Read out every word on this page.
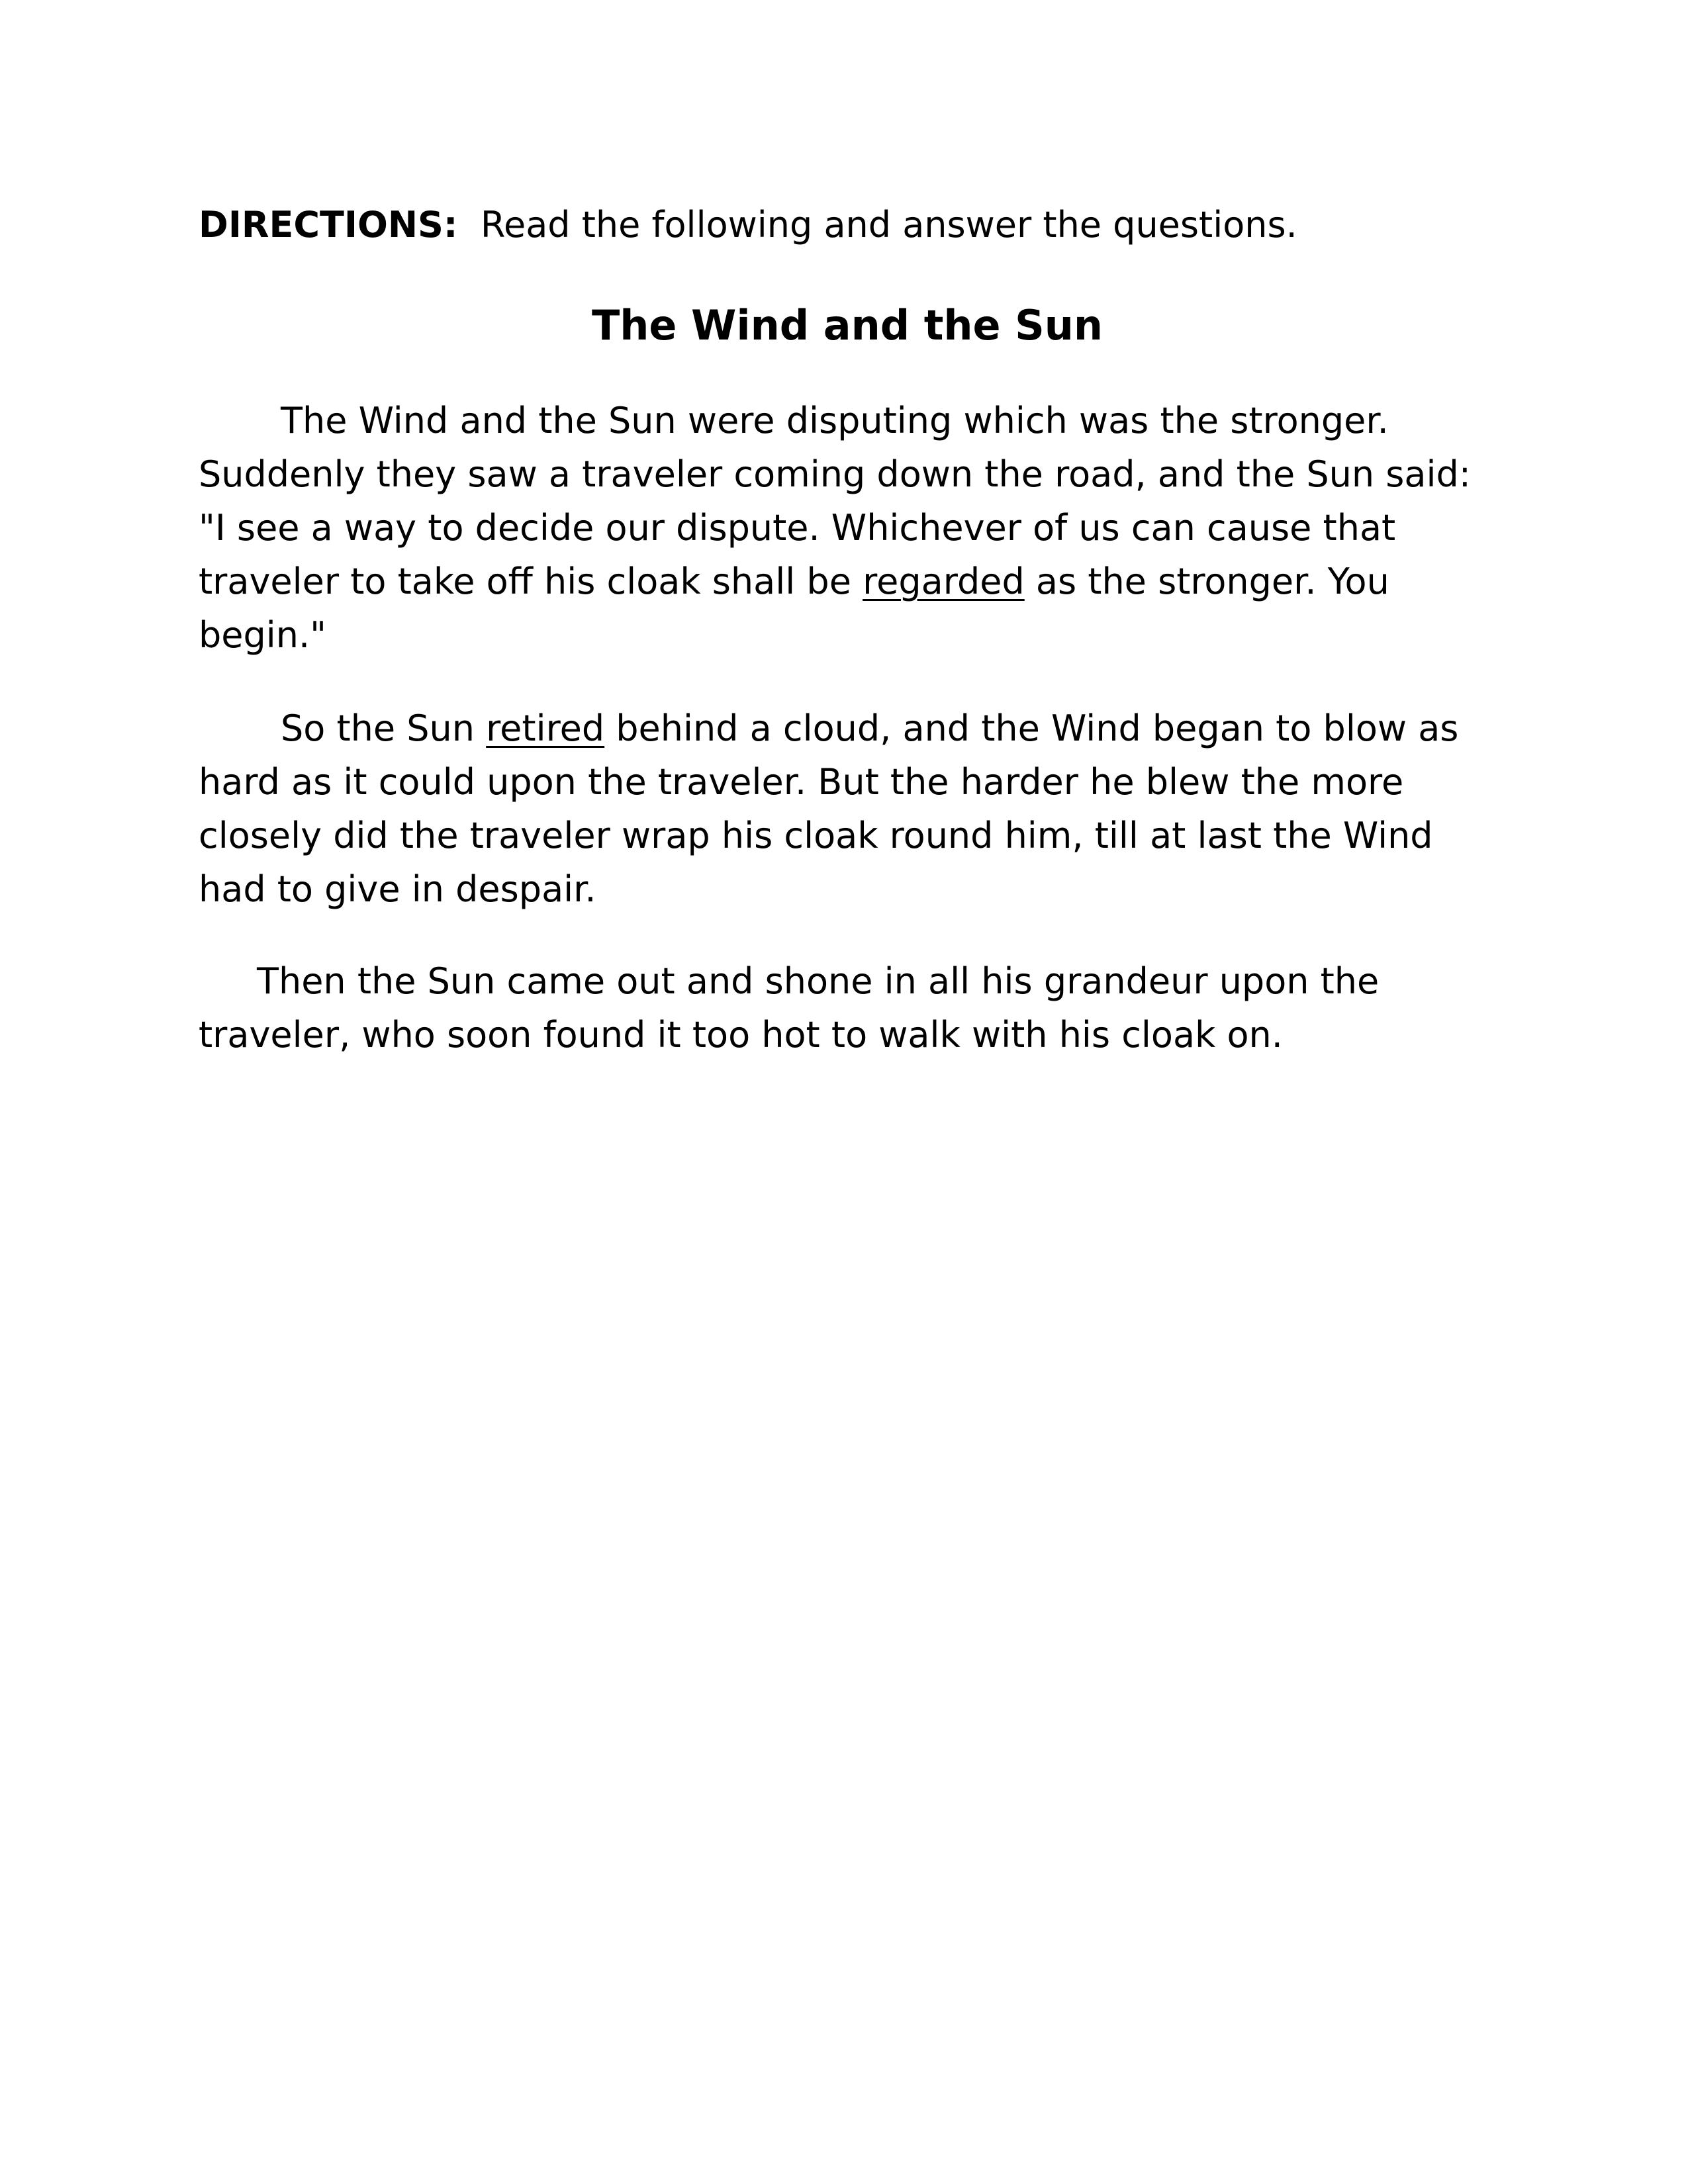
DIRECTIONS: Read the following and answer the questions.
The Wind and the Sun
The Wind and the Sun were disputing which was the stronger.
Suddenly they saw a traveler coming down the road, and the Sun said:
"I see a way to decide our dispute. Whichever of us can cause that
traveler to take off his cloak shall be regarded as the stronger. You
begin."
So the Sun retired behind a cloud, and the Wind began to blow as
hard as it could upon the traveler. But the harder he blew the more
closely did the traveler wrap his cloak round him, till at last the Wind
had to give in despair.
Then the Sun came out and shone in all his grandeur upon the
traveler, who soon found it too hot to walk with his cloak on.
